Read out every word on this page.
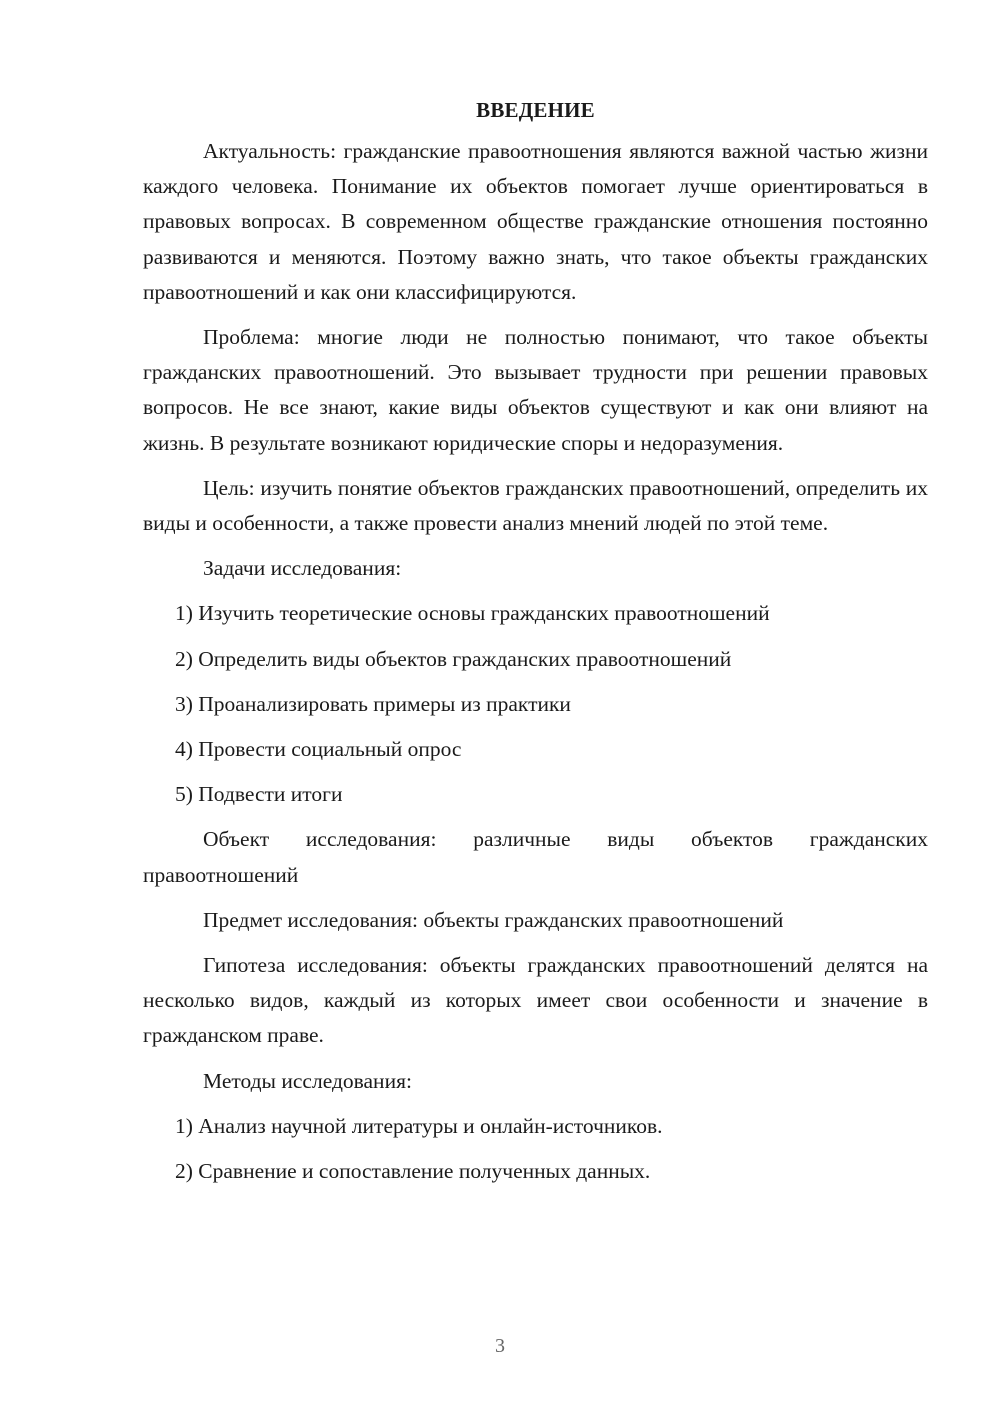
ВВЕДЕНИЕ
Актуальность: гражданские правоотношения являются важной частью жизни каждого человека. Понимание их объектов помогает лучше ориентироваться в правовых вопросах. В современном обществе гражданские отношения постоянно развиваются и меняются. Поэтому важно знать, что такое объекты гражданских правоотношений и как они классифицируются.
Проблема: многие люди не полностью понимают, что такое объекты гражданских правоотношений. Это вызывает трудности при решении правовых вопросов. Не все знают, какие виды объектов существуют и как они влияют на жизнь. В результате возникают юридические споры и недоразумения.
Цель: изучить понятие объектов гражданских правоотношений, определить их виды и особенности, а также провести анализ мнений людей по этой теме.
Задачи исследования:
1) Изучить теоретические основы гражданских правоотношений
2) Определить виды объектов гражданских правоотношений
3) Проанализировать примеры из практики
4) Провести социальный опрос
5) Подвести итоги
Объект исследования: различные виды объектов гражданских правоотношений
Предмет исследования: объекты гражданских правоотношений
Гипотеза исследования: объекты гражданских правоотношений делятся на несколько видов, каждый из которых имеет свои особенности и значение в гражданском праве.
Методы исследования:
1) Анализ научной литературы и онлайн-источников.
2) Сравнение и сопоставление полученных данных.
3
